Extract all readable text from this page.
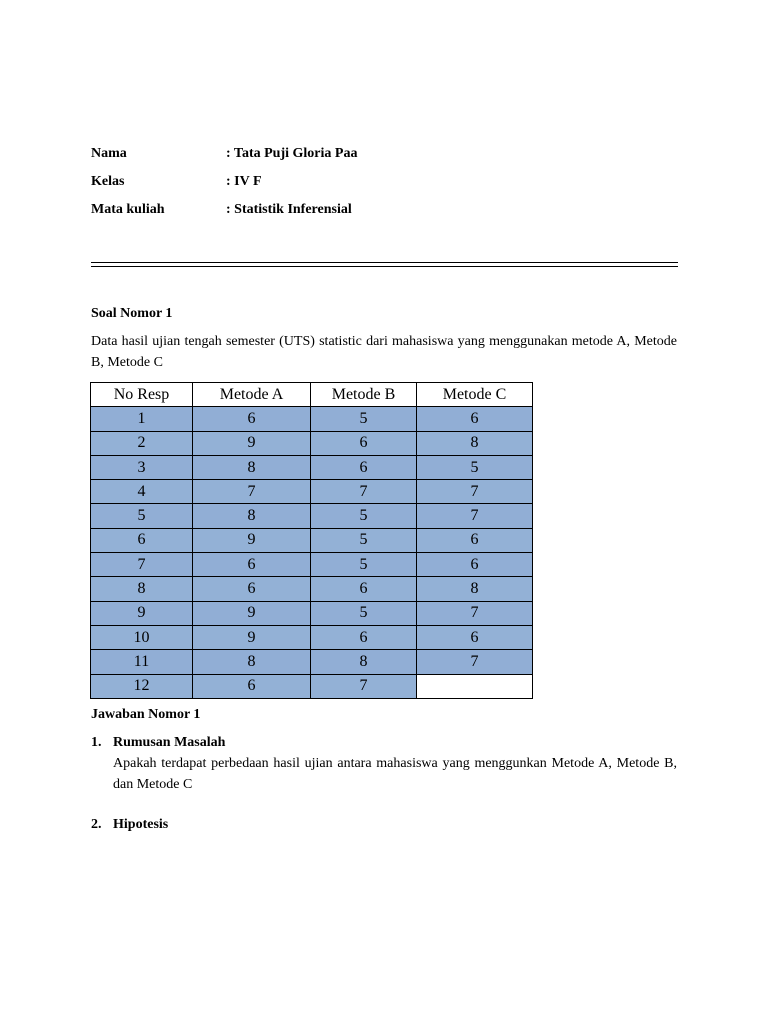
Nama	: Tata Puji Gloria Paa
Kelas	: IV F
Mata kuliah	: Statistik Inferensial
Soal Nomor 1
Data hasil ujian tengah semester (UTS) statistic dari mahasiswa yang menggunakan metode A, Metode B, Metode C
No Resp	Metode A	Metode B	Metode C
1	6	5	6
2	9	6	8
3	8	6	5
4	7	7	7
5	8	5	7
6	9	5	6
7	6	5	6
8	6	6	8
9	9	5	7
10	9	6	6
11	8	8	7
12	6	7	
Jawaban Nomor 1
1. Rumusan Masalah
Apakah terdapat perbedaan hasil ujian antara mahasiswa yang menggunkan Metode A, Metode B, dan Metode C
2. Hipotesis
